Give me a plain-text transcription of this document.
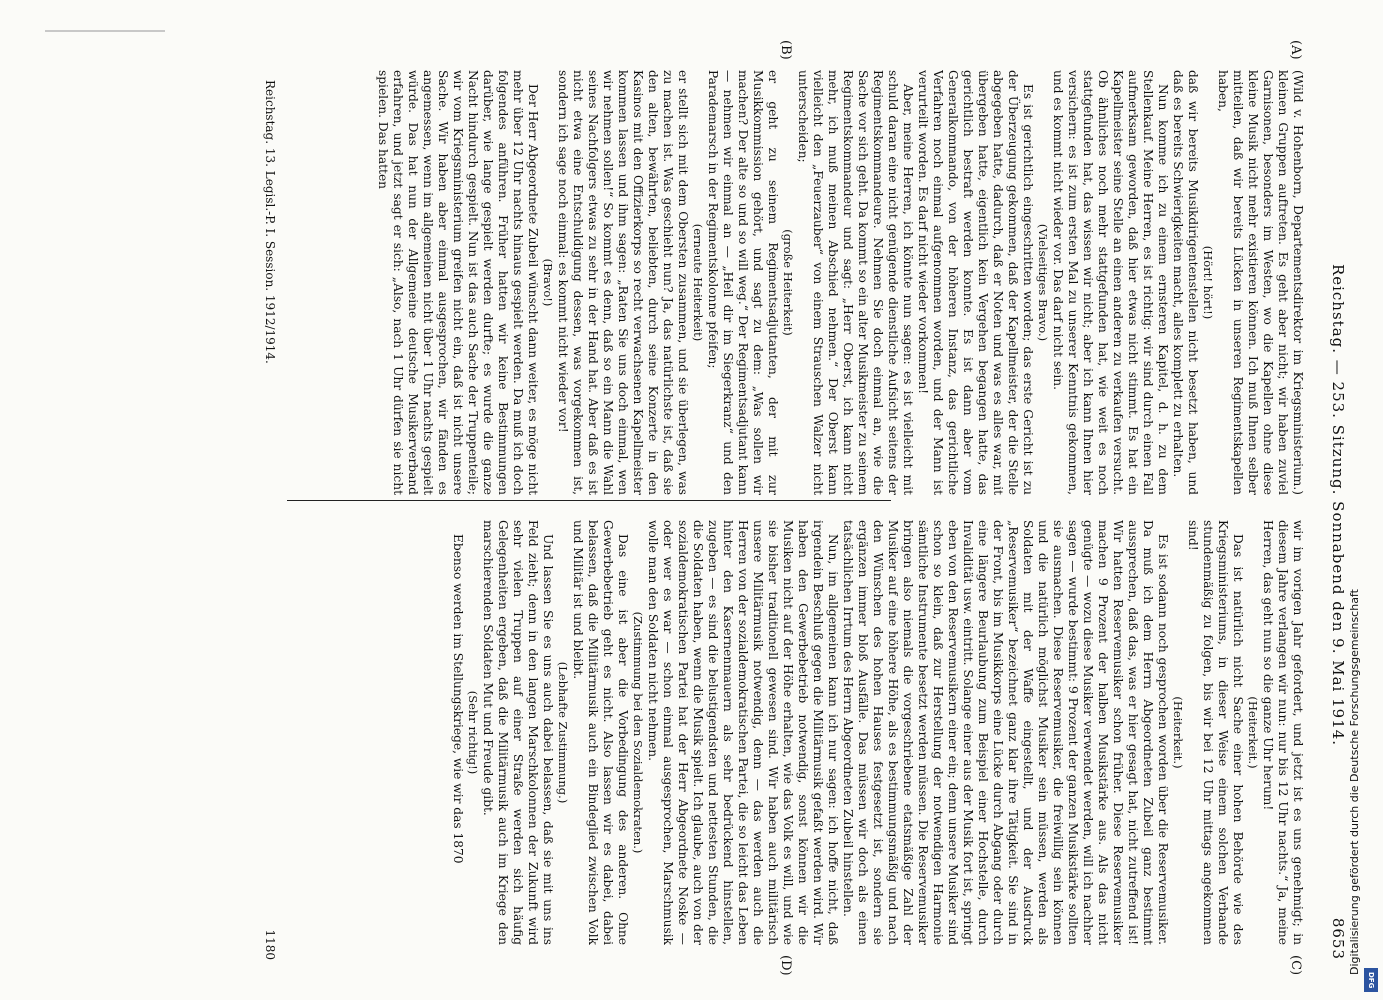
Reichstag. — 253. Sitzung. Sonnabend den 9. Mai 1914.
8653
(A)
(B)
(C)
(D)

(Wild v. Hohenborn, Departementsdirektor im Kriegsministerium.) kleinen Gruppen auftreten. Es geht aber nicht; wir haben zuviel Garnisonen, besonders im Westen, wo die Kapellen ohne diese kleine Musik nicht mehr existieren können. Ich muß Ihnen selber mitteilen, daß wir bereits Lücken in unseren Regimentskapellen haben,

(Hört! hört!)

daß wir bereits Musikdirigentenstellen nicht besetzt haben, und daß es bereits Schwierigkeiten macht, alles komplett zu erhalten.

Nun komme ich zu einem ernsteren Kapitel, d. h. zu dem Stellenkauf. Meine Herren, es ist richtig: wir sind durch einen Fall aufmerksam geworden, daß hier etwas nicht stimmt. Es hat ein Kapellmeister seine Stelle an einen anderen zu verkaufen versucht. Ob ähnliches noch mehr stattgefunden hat, wie weit es noch stattgefunden hat, das wissen wir nicht; aber ich kann Ihnen hier versichern: es ist zum ersten Mal zu unserer Kenntnis gekommen, und es kommt nicht wieder vor. Das darf nicht sein.

(Vielseitiges Bravo.)

Es ist gerichtlich eingeschritten worden; das erste Gericht ist zu der Überzeugung gekommen, daß der Kapellmeister, der die Stelle abgegeben hatte, dadurch, daß er Noten und was es alles war, mit übergeben hatte, eigentlich kein Vergehen begangen hatte, das gerichtlich bestraft werden konnte. Es ist dann aber vom Generalkommando, von der höheren Instanz, das gerichtliche Verfahren noch einmal aufgenommen worden, und der Mann ist verurteilt worden. Es darf nicht wieder vorkommen!

Aber, meine Herren, ich könnte nun sagen: es ist vielleicht mit schuld daran eine nicht genügende dienstliche Aufsicht seitens der Regimentskommandeure. Nehmen Sie doch einmal an, wie die Sache vor sich geht. Da kommt so ein alter Musikmeister zu seinem Regimentskommandeur und sagt: „Herr Oberst, ich kann nicht mehr, ich muß meinen Abschied nehmen.“ Der Oberst kann vielleicht den „Feuerzauber“ von einem Strauschen Walzer nicht unterscheiden;

(große Heiterkeit)

er geht zu seinem Regimentsadjutanten, der mit zur Musikkommission gehört, und sagt zu dem: „Was sollen wir machen? Der alte so und so will weg.“ Der Regimentsadjutant kann — nehmen wir einmal an — „Heil dir im Siegerkranz“ und den Parademarsch in der Regimentskolonne pfeifen;

(erneute Heiterkeit)

er stellt sich mit dem Obersten zusammen, und sie überlegen, was zu machen ist. Was geschieht nun? Ja, das natürlichste ist, daß sie den alten, bewährten, beliebten, durch seine Konzerte in den Kasinos mit den Offizierkorps so recht verwachsenen Kapellmeister kommen lassen und ihm sagen: „Raten Sie uns doch einmal, wen wir nehmen sollen!“ So kommt es denn, daß so ein Mann die Wahl seines Nachfolgers etwas zu sehr in der Hand hat. Aber daß es ist nicht etwa eine Entschuldigung dessen, was vorgekommen ist, sondern ich sage noch einmal: es kommt nicht wieder vor!

(Bravo!)

Der Herr Abgeordnete Zubeil wünscht dann weiter, es möge nicht mehr über 12 Uhr nachts hinaus gespielt werden. Da muß ich doch folgendes anführen. Früher hatten wir keine Bestimmungen darüber, wie lange gespielt werden durfte; es wurde die ganze Nacht hindurch gespielt. Nun ist das auch Sache der Truppenteile; wir vom Kriegsministerium greifen nicht ein, daß ist nicht unsere Sache. Wir haben aber einmal ausgesprochen, wir fänden es angemessen, wenn im allgemeinen nicht über 1 Uhr nachts gespielt würde. Das hat nun der Allgemeine deutsche Musikerverband erfahren, und jetzt sagt er sich: „Also, nach 1 Uhr dürfen sie nicht spielen. Das hatten

wir im vorigen Jahr gefordert, und jetzt ist es uns genehmigt; in diesem Jahre verlangen wir nun: nur bis 12 Uhr nachts.“ Ja, meine Herren, das geht nun so die ganze Uhr herum!

(Heiterkeit.)

Das ist natürlich nicht Sache einer hohen Behörde wie des Kriegsministeriums, in dieser Weise einem solchen Verbande stundenmäßig zu folgen, bis wir bei 12 Uhr mittags angekommen sind!

(Heiterkeit.)

Es ist sodann noch gesprochen worden über die Reservemusiker. Da muß ich dem Herrn Abgeordneten Zubeil ganz bestimmt aussprechen, daß das, was er hier gesagt hat, nicht zutreffend ist! Wir hatten Reservemusiker schon früher. Diese Reservemusiker machen 9 Prozent der halben Musikstärke aus. Als das nicht genügte — wozu diese Musiker verwendet werden, will ich nachher sagen — wurde bestimmt: 9 Prozent der ganzen Musikstärke sollten sie ausmachen. Diese Reservemusiker, die freiwillig sein können und die natürlich möglichst Musiker sein müssen, werden als Soldaten mit der Waffe eingestellt, und der Ausdruck „Reservemusiker“ bezeichnet ganz klar ihre Tätigkeit. Sie sind in der Front, bis im Musikkorps eine Lücke durch Abgang oder durch eine längere Beurlaubung zum Beispiel einer Hochstelle, durch Invalidität usw. eintritt. Solange einer aus der Musik fort ist, springt eben von den Reservemusikern einer ein; denn unsere Musiker sind schon so klein, daß zur Herstellung der notwendigen Harmonie sämtliche Instrumente besetzt werden müssen. Die Reservemusiker bringen also niemals die vorgeschriebene etatsmäßige Zahl der Musiker auf eine höhere Höhe, als es bestimmungsmäßig und nach den Wünschen des hohen Hauses festgesetzt ist, sondern sie ergänzen immer bloß Ausfälle. Das müssen wir doch als einen tatsächlichen Irrtum des Herrn Abgeordneten Zubeil hinstellen.

Nun, im allgemeinen kann ich nur sagen: ich hoffe nicht, daß irgendein Beschluß gegen die Militärmusik gefaßt werden wird. Wir haben den Gewerbebetrieb notwendig, sonst können wir die Musiken nicht auf der Höhe erhalten, wie das Volk es will, und wie sie bisher traditionell gewesen sind. Wir haben auch militärisch unsere Militärmusik notwendig, denn — das werden auch die Herren von der sozialdemokratischen Partei, die so leicht das Leben hinter den Kasernenmauern als sehr bedrückend hinstellen, zugeben — es sind die belustigendsten und nettesten Stunden, die die Soldaten haben, wenn die Musik spielt. Ich glaube, auch von der sozialdemokratischen Partei hat der Herr Abgeordnete Noske — oder wer es war — schon einmal ausgesprochen, Marschmusik wolle man den Soldaten nicht nehmen.

(Zustimmung bei den Sozialdemokraten.)

Das eine ist aber die Vorbedingung des anderen. Ohne Gewerbebetrieb geht es nicht. Also lassen wir es dabei, dabei belassen, daß die Militärmusik auch ein Bindeglied zwischen Volk und Militär ist und bleibt.

(Lebhafte Zustimmung.)

Und lassen Sie es uns auch dabei belassen, daß sie mit uns ins Feld zieht; denn in den langen Marschkolonnen der Zukunft wird sehr vielen Truppen auf einer Straße werden sich häufig Gelegenheiten ergeben, daß die Militärmusik auch im Kriege den marschierenden Soldaten Mut und Freude gibt.

(Sehr richtig!)

Ebenso werden im Stellungskriege, wie wir das 1870

Reichstag. 13. Legisl.-P. I. Session. 1912/1914.
1180	Digitalisierung gefördert durch die Deutsche Forschungsgemeinschaft
DFG
